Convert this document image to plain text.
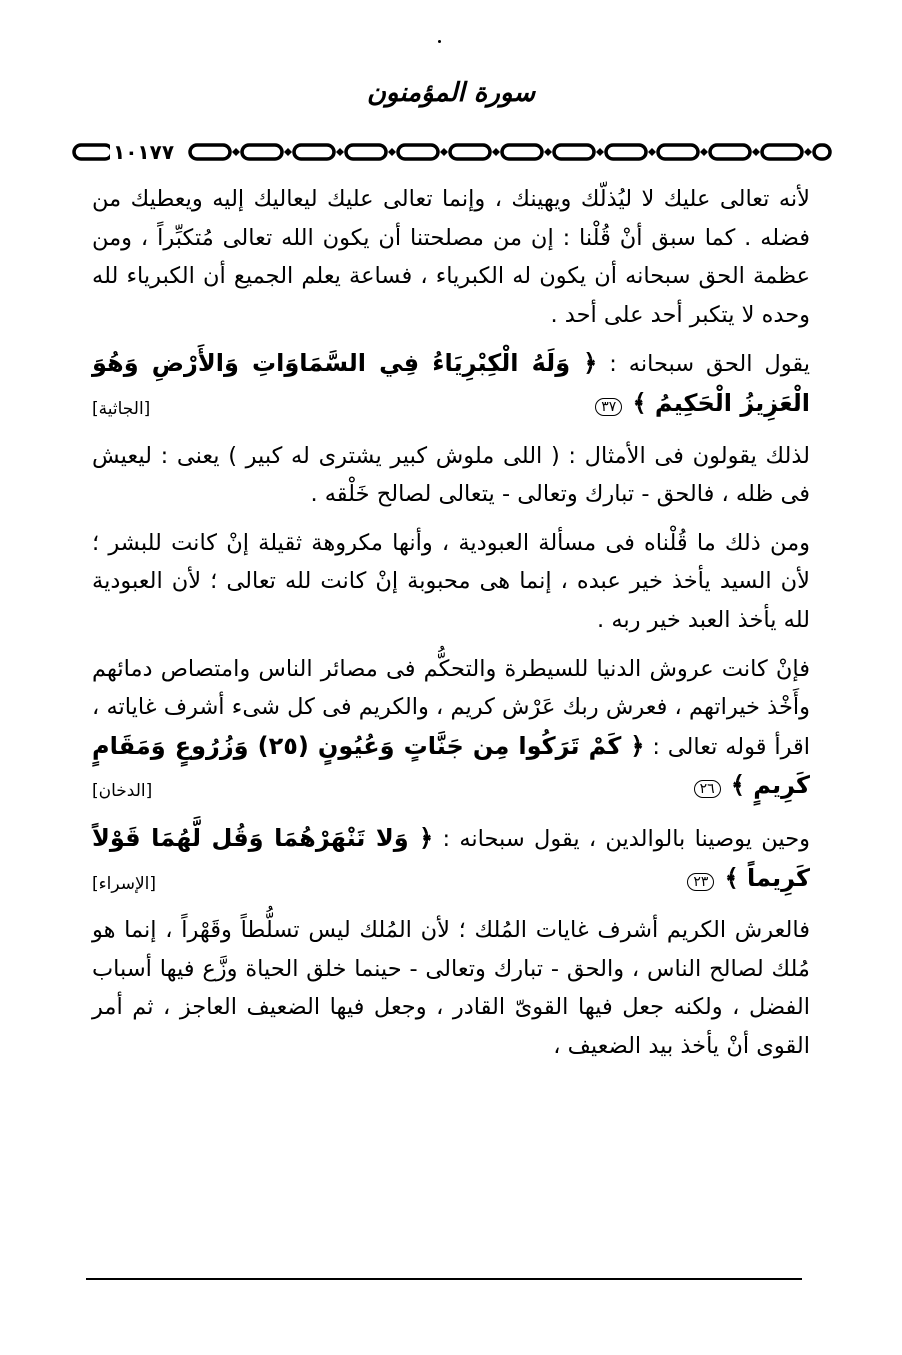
سورة المؤمنون
١٠١٧٧

لأنه تعالى عليك لا ليُذلّك ويهينك ، وإنما تعالى عليك ليعاليك إليه ويعطيك من فضله . كما سبق أنْ قُلْنا : إن من مصلحتنا أن يكون الله تعالى مُتكبِّراً ، ومن عظمة الحق سبحانه أن يكون له الكبرياء ، فساعة يعلم الجميع أن الكبرياء لله وحده لا يتكبر أحد على أحد .

يقول الحق سبحانه : ﴿ وَلَهُ الْكِبْرِيَاءُ فِي السَّمَاوَاتِ وَالأَرْضِ وَهُوَ الْعَزِيزُ الْحَكِيمُ ﴾ ٣٧
[الجاثية]

لذلك يقولون فى الأمثال : ( اللى ملوش كبير يشترى له كبير ) يعنى : ليعيش فى ظله ، فالحق - تبارك وتعالى - يتعالى لصالح خَلْقه .

ومن ذلك ما قُلْناه فى مسألة العبودية ، وأنها مكروهة ثقيلة إنْ كانت للبشر ؛ لأن السيد يأخذ خير عبده ، إنما هى محبوبة إنْ كانت لله تعالى ؛ لأن العبودية لله يأخذ العبد خير ربه .

فإنْ كانت عروش الدنيا للسيطرة والتحكُّم فى مصائر الناس وامتصاص دمائهم وأَخْذ خيراتهم ، فعرش ربك عَرْش كريم ، والكريم فى كل شىء أشرف غاياته ، اقرأ قوله تعالى : ﴿ كَمْ تَرَكُوا مِن جَنَّاتٍ وَعُيُونٍ (٢٥) وَزُرُوعٍ وَمَقَامٍ كَرِيمٍ ﴾ ٢٦
[الدخان]

وحين يوصينا بالوالدين ، يقول سبحانه : ﴿ وَلا تَنْهَرْهُمَا وَقُل لَّهُمَا قَوْلاً كَرِيماً ﴾ ٢٣
[الإسراء]

فالعرش الكريم أشرف غايات المُلك ؛ لأن المُلك ليس تسلُّطاً وقَهْراً ، إنما هو مُلك لصالح الناس ، والحق - تبارك وتعالى - حينما خلق الحياة وزَّع فيها أسباب الفضل ، ولكنه جعل فيها القوىّ القادر ، وجعل فيها الضعيف العاجز ، ثم أمر القوى أنْ يأخذ بيد الضعيف ،
